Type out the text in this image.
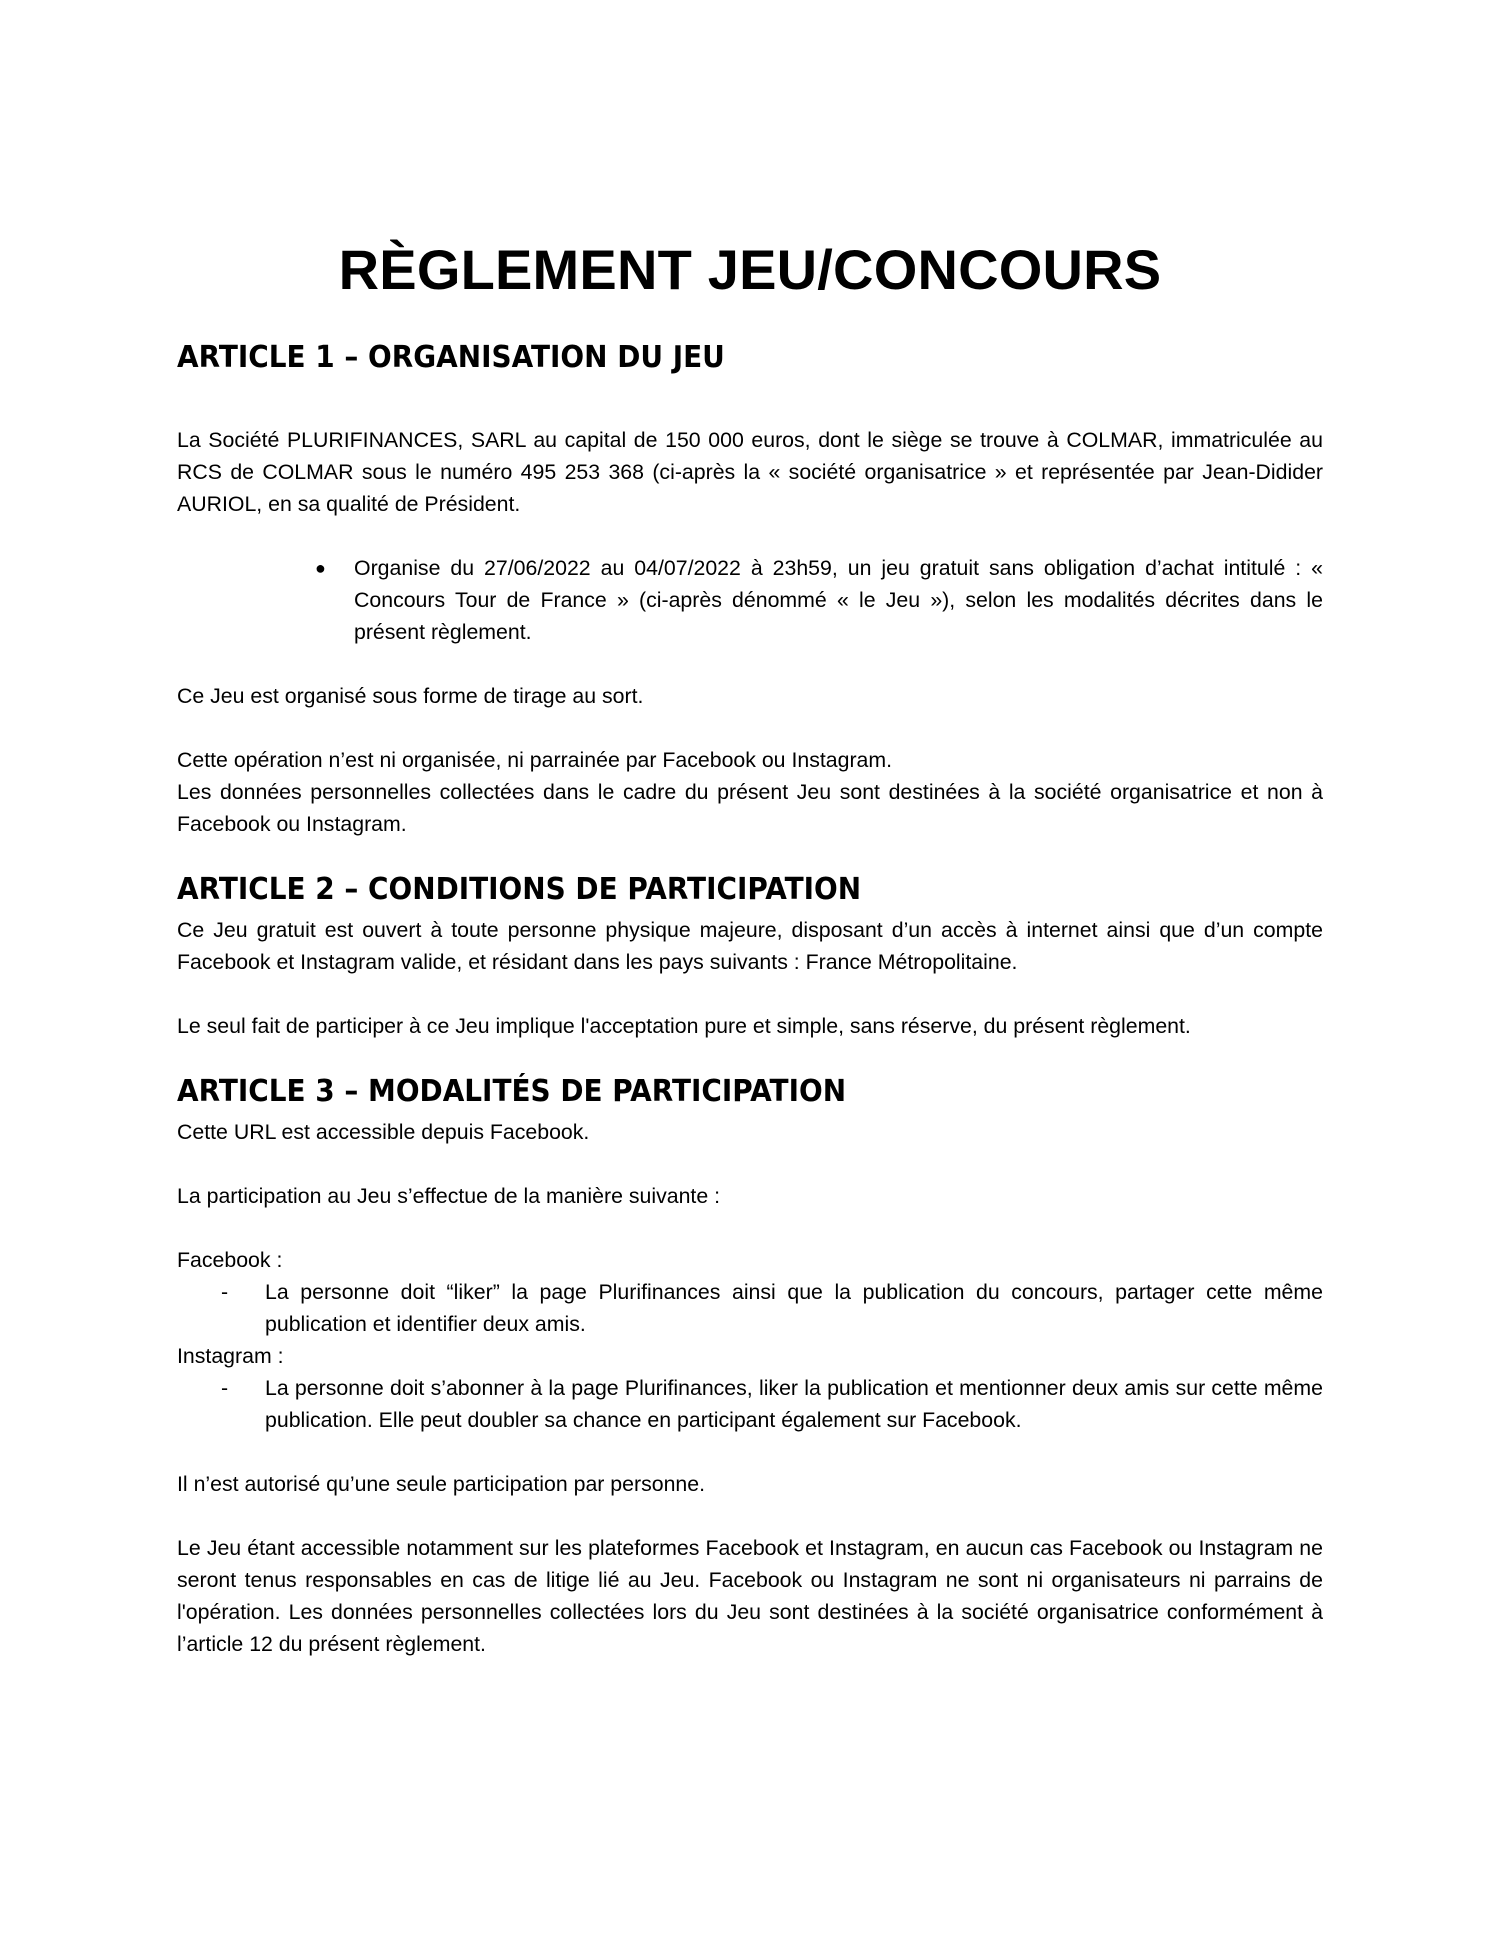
RÈGLEMENT JEU/CONCOURS
ARTICLE 1 – ORGANISATION DU JEU

La Société PLURIFINANCES, SARL au capital de 150 000 euros, dont le siège se trouve à COLMAR, immatriculée au RCS de COLMAR sous le numéro 495 253 368 (ci-après la « société organisatrice » et représentée par Jean-Didider AURIOL, en sa qualité de Président.

● Organise du 27/06/2022 au 04/07/2022 à 23h59, un jeu gratuit sans obligation d’achat intitulé : « Concours Tour de France » (ci-après dénommé « le Jeu »), selon les modalités décrites dans le présent règlement.

Ce Jeu est organisé sous forme de tirage au sort.

Cette opération n’est ni organisée, ni parrainée par Facebook ou Instagram.

Les données personnelles collectées dans le cadre du présent Jeu sont destinées à la société organisatrice et non à Facebook ou Instagram.

ARTICLE 2 – CONDITIONS DE PARTICIPATION

Ce Jeu gratuit est ouvert à toute personne physique majeure, disposant d’un accès à internet ainsi que d’un compte Facebook et Instagram valide, et résidant dans les pays suivants : France Métropolitaine.

Le seul fait de participer à ce Jeu implique l'acceptation pure et simple, sans réserve, du présent règlement.

ARTICLE 3 – MODALITÉS DE PARTICIPATION

Cette URL est accessible depuis Facebook.

La participation au Jeu s’effectue de la manière suivante :

Facebook :

- La personne doit “liker” la page Plurifinances ainsi que la publication du concours, partager cette même publication et identifier deux amis.

Instagram :

- La personne doit s’abonner à la page Plurifinances, liker la publication et mentionner deux amis sur cette même publication. Elle peut doubler sa chance en participant également sur Facebook.

Il n’est autorisé qu’une seule participation par personne.

Le Jeu étant accessible notamment sur les plateformes Facebook et Instagram, en aucun cas Facebook ou Instagram ne seront tenus responsables en cas de litige lié au Jeu. Facebook ou Instagram ne sont ni organisateurs ni parrains de l'opération. Les données personnelles collectées lors du Jeu sont destinées à la société organisatrice conformément à l’article 12 du présent règlement.
